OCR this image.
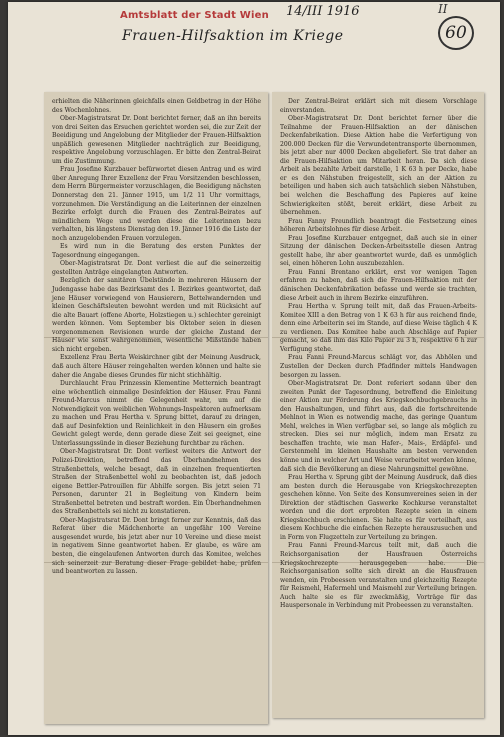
Amtsblatt der Stadt Wien 14/III 1916	II
Frauen-Hilfsaktion im Kriege	60

erhielten die Näherinnen gleichfalls einen Geldbetrag in der Höhe des Wochenlohnes.

Ober-Magistratsrat Dr. Dont berichtet ferner, daß an ihn bereits von drei Seiten das Ersuchen gerichtet worden sei, die zur Zeit der Beeidigung und Angelobung der Mitglieder der Frauen-Hilfsaktion unpäßlich gewesenen Mitglieder nachträglich zur Beeidigung, respektive Angelobung vorzuschlagen. Er bitte den Zentral-Beirat um die Zustimmung.

Frau Josefine Kurzbauer befürwortet diesen Antrag und es wird über Anregung Ihrer Exzellenz der Frau Vorsitzenden beschlossen, dem Herrn Bürgermeister vorzuschlagen, die Beeidigung nächsten Donnerstag den 21. Jänner 1915, um 1/2 11 Uhr vormittags, vorzunehmen. Die Verständigung an die Leiterinnen der einzelnen Bezirke erfolgt durch die Frauen des Zentral-Beirates auf mündlichem Wege und werden diese die Leiterinnen bezu verhalten, bis längstens Dienstag den 19. Jänner 1916 die Liste der noch anzugelobenden Frauen vorzulegen.

Es wird nun in die Beratung des ersten Punktes der Tagesordnung eingegangen.

Ober-Magistratsrat Dr. Dont verliest die auf die seinerzeitig gestellten Anträge eingelangten Antworten.

Bezüglich der sanitären Übelstände in mehreren Häusern der Judengasse habe das Bezirksamt des I. Bezirkes geantwortet, daß jene Häuser vorwiegend von Hausierern, Bettelwandernden und kleinen Geschäftsleuten bewohnt werden und mit Rücksicht auf die alte Bauart (offene Aborte, Holzstiegen u.) schlechter gereinigt werden können. Vom September bis Oktober seien in diesen vorgenommenen Revisionen wurde der gleiche Zustand der Häuser wie sonst wahrgenommen, wesentliche Mißstände haben sich nicht ergeben.

Exzellenz Frau Berta Weiskirchner gibt der Meinung Ausdruck, daß auch ältere Häuser reingehalten werden können und halte sie daher die Angabe dieses Grundes für nicht stichhältig.

Durchlaucht Frau Prinzessin Klementine Metternich beantragt eine wöchentlich einmalige Desinfektion der Häuser. Frau Fanni Freund-Marcus nimmt die Gelegenheit wahr, um auf die Notwendigkeit von weiblichen Wohnungs-Inspektoren aufmerksam zu machen und Frau Hertha v. Sprung bittet, darauf zu dringen, daß auf Desinfektion und Reinlichkeit in den Häusern ein großes Gewicht gelegt werde, denn gerade diese Zeit sei geeignet, eine Unterlassungssünde in dieser Beziehung furchtbar zu rächen.

Ober-Magistratsrat Dr. Dont verliest weiters die Antwort der Polizei-Direktion, betreffend das Überhandnehmen des Straßenbettels, welche besagt, daß in einzelnen frequentierten Straßen der Straßenbettel wohl zu beobachten ist, daß jedoch eigene Bettler-Patrouillen für Abhilfe sorgen. Bis jetzt seien 71 Personen, darunter 21 in Begleitung von Kindern beim Straßenbettel betreten und bestraft worden. Ein Überhandnehmen des Straßenbettels sei nicht zu konstatieren.

Ober-Magistratsrat Dr. Dont bringt ferner zur Kenntnis, daß das Referat über die Mädchenhorte an ungefähr 100 Vereine ausgesendet wurde, bis jetzt aber nur 10 Vereine und diese meist in negativem Sinne geantwortet haben. Er glaube, es wäre am besten, die eingelaufenen Antworten durch das Komitee, welches sich seinerzeit zur Beratung dieser Frage gebildet habe, prüfen und beantworten zu lassen.

Der Zentral-Beirat erklärt sich mit diesem Vorschlage einverstanden.

Ober-Magistratsrat Dr. Dont berichtet ferner über die Teilnahme der Frauen-Hilfsaktion an der dänischen Deckenfabrikation. Diese Aktion habe die Verfertigung von 200.000 Decken für die Verwundetentransporte übernommen, bis jetzt aber nur 4000 Decken abgeliefert. Sie trat daher an die Frauen-Hilfsaktion um Mitarbeit heran. Da sich diese Arbeit als bezahlte Arbeit darstelle, 1 K 63 h per Decke, habe er es den Nähstuben freigestellt, sich an der Aktion zu beteiligen und haben sich auch tatsächlich sieben Nähstuben, bei welchen die Beschaffung des Papieres auf keine Schwierigkeiten stößt, bereit erklärt, diese Arbeit zu übernehmen.

Frau Fanny Freundlich beantragt die Festsetzung eines höheren Arbeitslohnes für diese Arbeit.

Frau Josefine Kurzbauer entgegnet, daß auch sie in einer Sitzung der dänischen Decken-Arbeitsstelle diesen Antrag gestellt habe, ihr aber geantwortet wurde, daß es unmöglich sei, einen höheren Lohn auszubezahlen.

Frau Fanni Brentano erklärt, erst vor wenigen Tagen erfahren zu haben, daß sich die Frauen-Hilfsaktion mit der dänischen Deckenfabrikation befasse und werde sie trachten, diese Arbeit auch in ihrem Bezirke einzuführen.

Frau Hertha v. Sprung teilt mit, daß das Frauen-Arbeits-Komitee XIII a den Betrag von 1 K 63 h für aus reichend finde, denn eine Arbeiterin sei im Stande, auf diese Weise täglich 4 K zu verdienen. Das Komitee habe auch Abschläge auf Papier gemacht, so daß ihm das Kilo Papier zu 3 h, respektive 6 h zur Verfügung stehe.

Frau Fanni Freund-Marcus schlägt vor, das Abhölen und Zustellen der Decken durch Pfadfinder mittels Handwagen besorgen zu lassen.

Ober-Magistratsrat Dr. Dont referiert sodann über den zweiten Punkt der Tagesordnung, betreffend die Einleitung einer Aktion zur Förderung des Kriegskochbuchgebrauchs in den Haushaltungen, und führt aus, daß die fortschreitende Mehlnot in Wien es notwendig mache, das geringe Quantum Mehl, welches in Wien verfügbar sei, so lange als möglich zu strecken. Dies sei nur möglich, indem man Ersatz zu beschaffen trachte, wie man Hafer-, Mais-, Erdäpfel- und Gerstenmehl im kleinen Haushalte am besten verwenden könne und in welcher Art und Weise verarbeitet werden könne, daß sich die Bevölkerung an diese Nahrungsmittel gewöhne.

Frau Hertha v. Sprung gibt der Meinung Ausdruck, daß dies am besten durch die Herausgabe von Kriegskochrezepten geschehen könne. Von Seite des Konsumvereines seien in der Direktion der städtischen Gaswerke Kochkurse veranstaltet worden und die dort erprobten Rezepte seien in einem Kriegskochbuch erschienen. Sie halte es für vorteilhaft, aus diesem Kochbuche die einfachen Rezepte herauszusuchen und in Form von Flugzetteln zur Verteilung zu bringen.

Frau Fanni Freund-Marcus teilt mit, daß auch die Reichsorganisation der Hausfrauen Österreichs Kriegskochrezepte herausgegeben habe. Die Reichsorganisation sollte sich direkt an die Hausfrauen wenden, ein Probeessen veranstalten und gleichzeitig Rezepte für Reismehl, Hafermehl und Maismehl zur Verteilung bringen. Auch halte sie es für zweckmäßig, Vorträge für das Hauspersonale in Verbindung mit Probeessen zu veranstalten.
